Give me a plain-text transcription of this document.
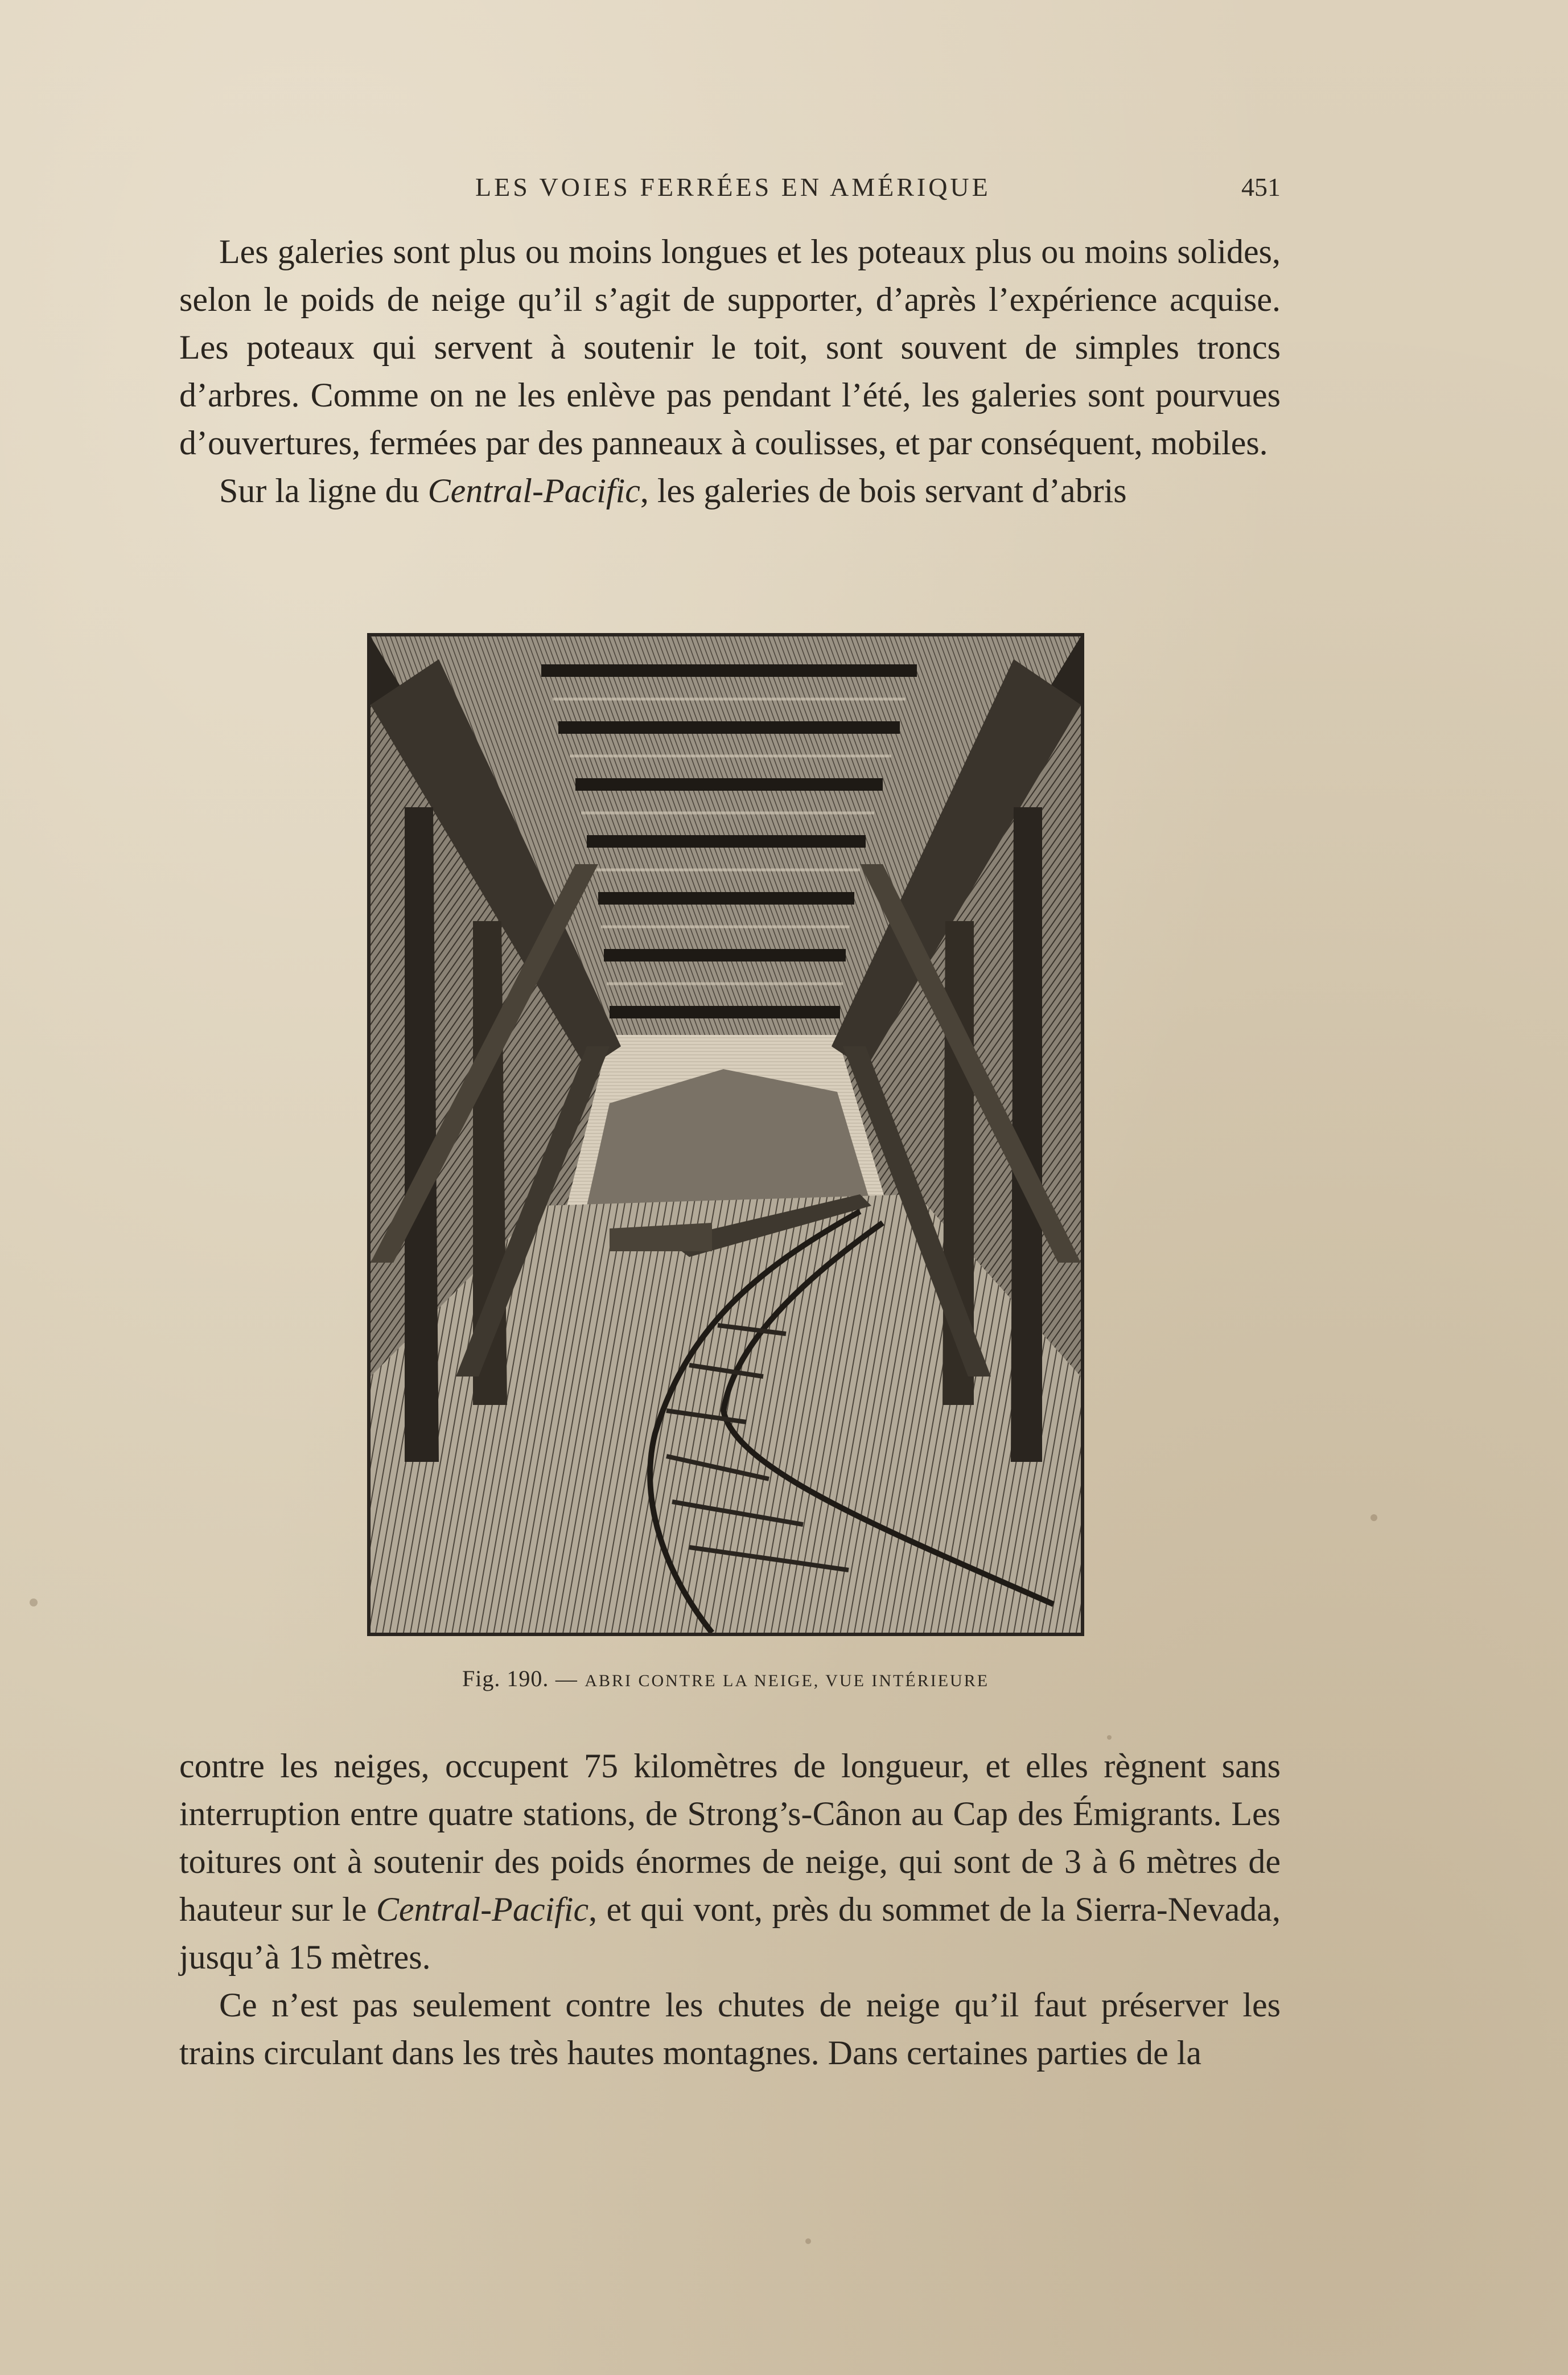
LES VOIES FERRÉES EN AMÉRIQUE	451

Les galeries sont plus ou moins longues et les poteaux plus ou moins solides, selon le poids de neige qu’il s’agit de supporter, d’après l’expérience acquise. Les poteaux qui servent à soutenir le toit, sont souvent de simples troncs d’arbres. Comme on ne les enlève pas pendant l’été, les galeries sont pourvues d’ouvertures, fermées par des panneaux à coulisses, et par conséquent, mobiles.

Sur la ligne du Central-Pacific, les galeries de bois servant d’abris

Fig. 190. — ABRI CONTRE LA NEIGE, VUE INTÉRIEURE

contre les neiges, occupent 75 kilomètres de longueur, et elles règnent sans interruption entre quatre stations, de Strong’s-Cânon au Cap des Émigrants. Les toitures ont à soutenir des poids énormes de neige, qui sont de 3 à 6 mètres de hauteur sur le Central-Pacific, et qui vont, près du sommet de la Sierra-Nevada, jusqu’à 15 mètres.

Ce n’est pas seulement contre les chutes de neige qu’il faut préserver les trains circulant dans les très hautes montagnes. Dans certaines parties de la
